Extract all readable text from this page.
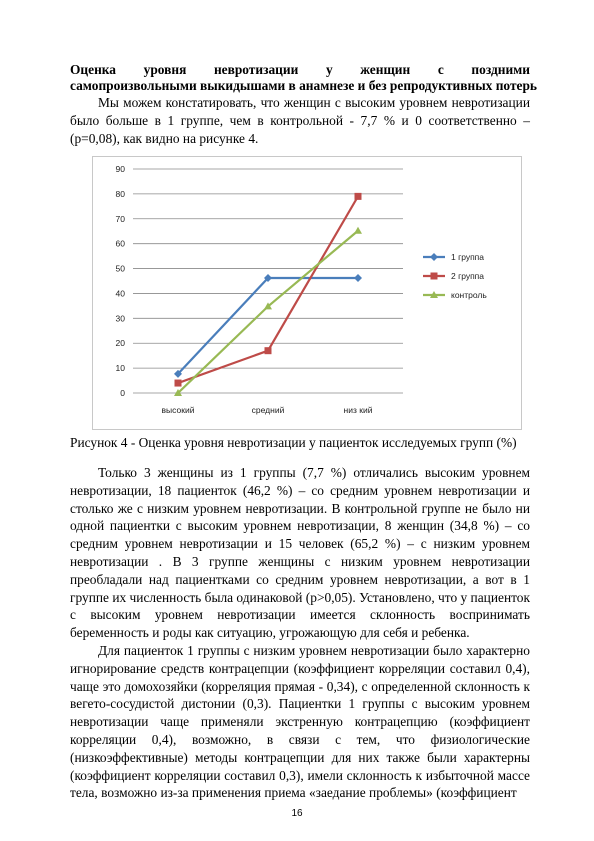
Оценка уровня невротизации у женщин с поздними
самопроизвольными выкидышами в анамнезе и без репродуктивных потерь

Мы можем констатировать, что женщин с высоким уровнем невротизации было больше в 1 группе, чем в контрольной - 7,7 % и 0 соответственно – (р=0,08), как видно на рисунке 4.

0
10
20
30
40
50
60
70
80
90
высокий	средний	низ кий
1 группа
2 группа
контроль
Рисунок 4 - Оценка уровня невротизации у пациенток исследуемых групп (%)

Только 3 женщины из 1 группы (7,7 %) отличались высоким уровнем невротизации, 18 пациенток (46,2 %) – со средним уровнем невротизации и столько же с низким уровнем невротизации. В контрольной группе не было ни одной пациентки с высоким уровнем невротизации, 8 женщин (34,8 %) – со средним уровнем невротизации и 15 человек (65,2 %) – с низким уровнем невротизации . В 3 группе женщины с низким уровнем невротизации преобладали над пациентками со средним уровнем невротизации, а вот в 1 группе их численность была одинаковой (р>0,05). Установлено, что у пациенток с высоким уровнем невротизации имеется склонность воспринимать беременность и роды как ситуацию, угрожающую для себя и ребенка.

Для пациенток 1 группы с низким уровнем невротизации было характерно игнорирование средств контрацепции (коэффициент корреляции составил 0,4), чаще это домохозяйки (корреляция прямая - 0,34), с определенной склонность к вегето-сосудистой дистонии (0,3). Пациентки 1 группы с высоким уровнем невротизации чаще применяли экстренную контрацепцию (коэффициент корреляции 0,4), возможно, в связи с тем, что физиологические (низкоэффективные) методы контрацепции для них также были характерны (коэффициент корреляции составил 0,3), имели склонность к избыточной массе тела, возможно из-за применения приема «заедание проблемы» (коэффициент

16
